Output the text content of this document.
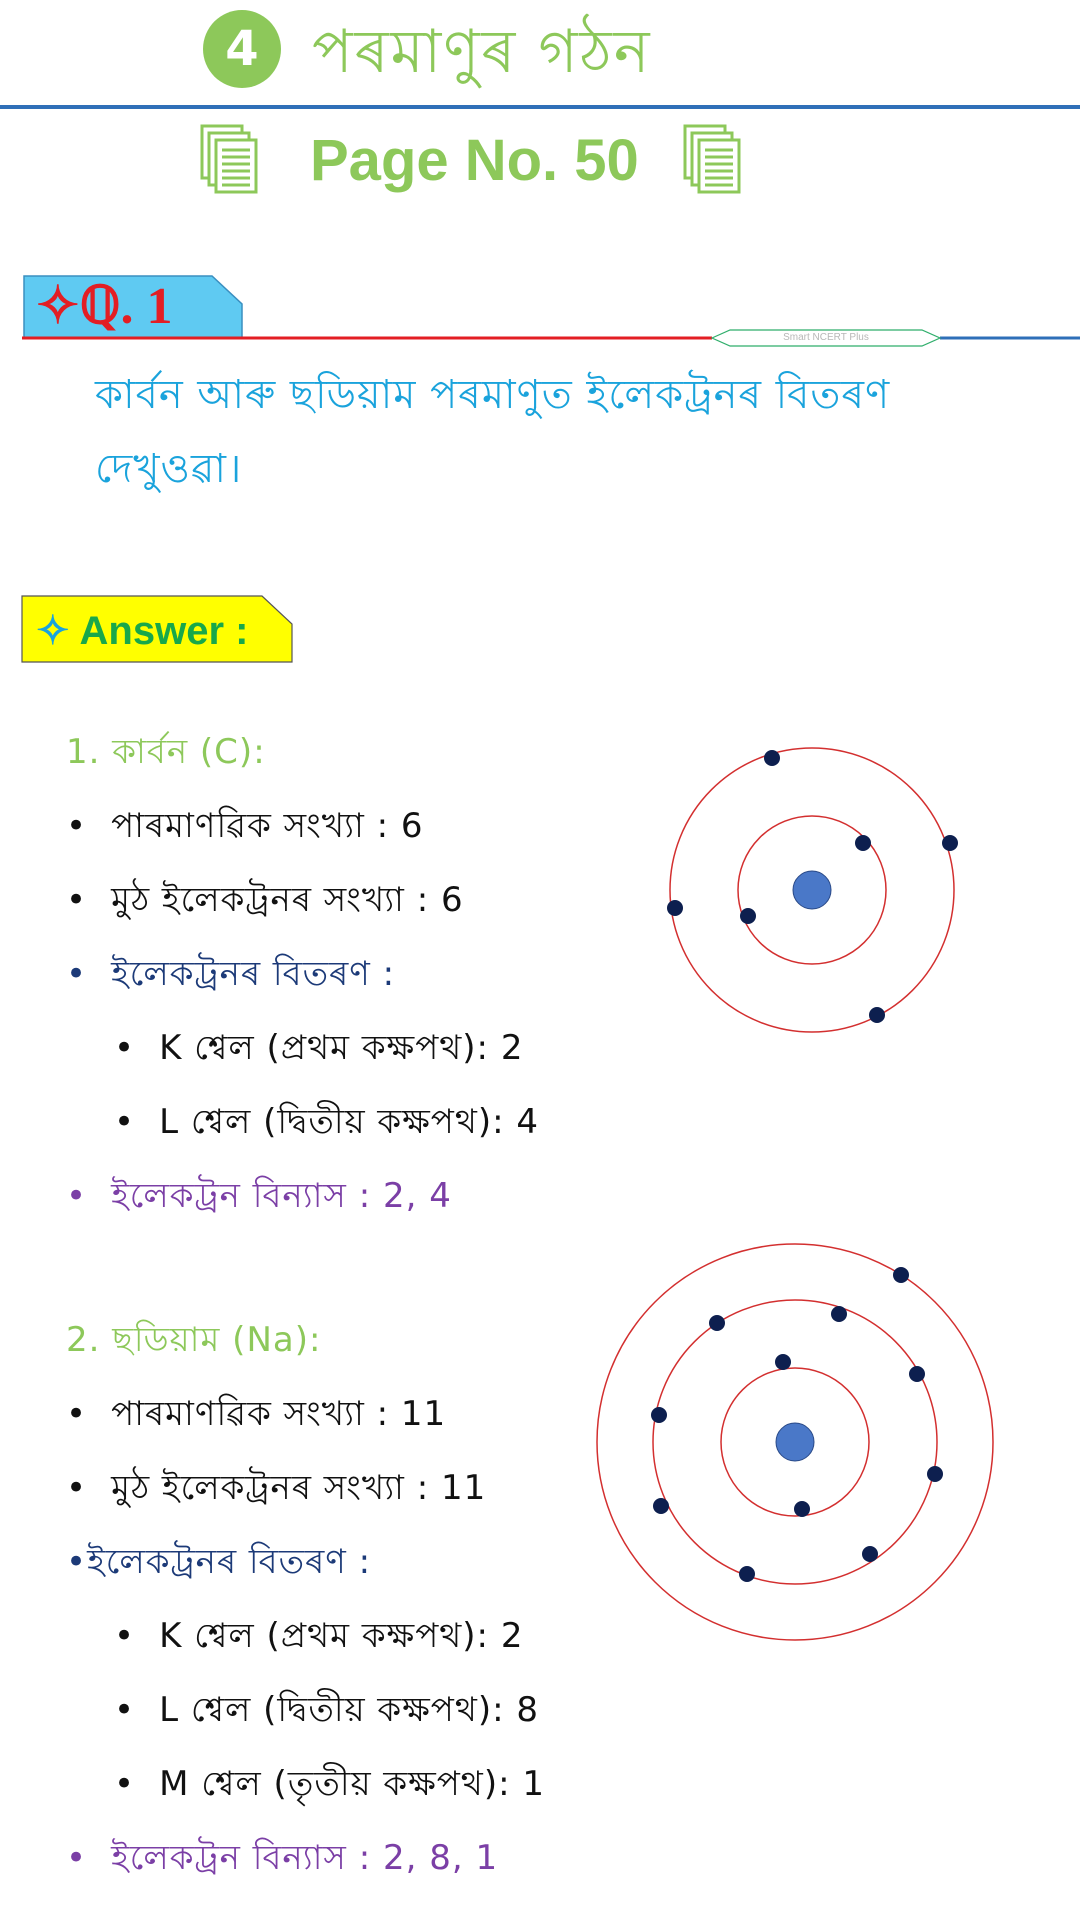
4 পৰমাণুৰ গঠন
Page No. 50
Smart NCERT Plus
✧ℚ. 1
কাৰ্বন আৰু ছডিয়াম পৰমাণুত ইলেকট্ৰনৰ বিতৰণ দেখুওৱা।
✧ Answer :
1. কাৰ্বন (C):
• পাৰমাণৱিক সংখ্যা : 6
• মুঠ ইলেকট্ৰনৰ সংখ্যা : 6
• ইলেকট্ৰনৰ বিতৰণ :
• K শ্বেল (প্ৰথম কক্ষপথ): 2
• L শ্বেল (দ্বিতীয় কক্ষপথ): 4
• ইলেকট্ৰন বিন্যাস : 2, 4
2. ছডিয়াম (Na):
• পাৰমাণৱিক সংখ্যা : 11
• মুঠ ইলেকট্ৰনৰ সংখ্যা : 11
•ইলেকট্ৰনৰ বিতৰণ :
• K শ্বেল (প্ৰথম কক্ষপথ): 2
• L শ্বেল (দ্বিতীয় কক্ষপথ): 8
• M শ্বেল (তৃতীয় কক্ষপথ): 1
• ইলেকট্ৰন বিন্যাস : 2, 8, 1
